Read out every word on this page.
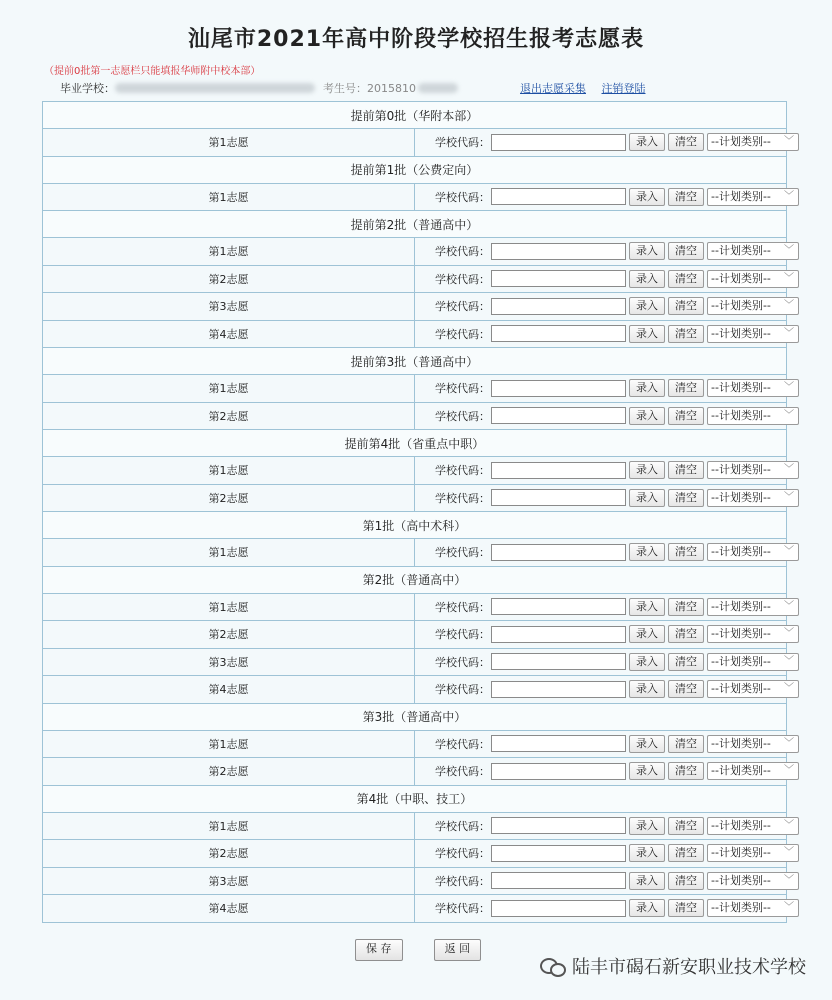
汕尾市2021年高中阶段学校招生报考志愿表
（提前0批第一志愿栏只能填报华师附中校本部）
毕业学校：	考生号：2015810	退出志愿采集 注销登陆
提前第0批（华附本部）	
第1志愿	学校代码： 录入 清空 --计划类别-- ﹀

提前第1批（公费定向）	
第1志愿	学校代码： 录入 清空 --计划类别-- ﹀

提前第2批（普通高中）	
第1志愿	学校代码： 录入 清空 --计划类别-- ﹀

第2志愿	学校代码： 录入 清空 --计划类别-- ﹀

第3志愿	学校代码： 录入 清空 --计划类别-- ﹀

第4志愿	学校代码： 录入 清空 --计划类别-- ﹀

提前第3批（普通高中）	
第1志愿	学校代码： 录入 清空 --计划类别-- ﹀

第2志愿	学校代码： 录入 清空 --计划类别-- ﹀

提前第4批（省重点中职）	
第1志愿	学校代码： 录入 清空 --计划类别-- ﹀

第2志愿	学校代码： 录入 清空 --计划类别-- ﹀

第1批（高中术科）	
第1志愿	学校代码： 录入 清空 --计划类别-- ﹀

第2批（普通高中）	
第1志愿	学校代码： 录入 清空 --计划类别-- ﹀

第2志愿	学校代码： 录入 清空 --计划类别-- ﹀

第3志愿	学校代码： 录入 清空 --计划类别-- ﹀

第4志愿	学校代码： 录入 清空 --计划类别-- ﹀

第3批（普通高中）	
第1志愿	学校代码： 录入 清空 --计划类别-- ﹀

第2志愿	学校代码： 录入 清空 --计划类别-- ﹀

第4批（中职、技工）	
第1志愿	学校代码： 录入 清空 --计划类别-- ﹀

第2志愿	学校代码： 录入 清空 --计划类别-- ﹀

第3志愿	学校代码： 录入 清空 --计划类别-- ﹀

第4志愿	学校代码： 录入 清空 --计划类别-- ﹀
保 存	返 回
陆丰市碣石新安职业技术学校
